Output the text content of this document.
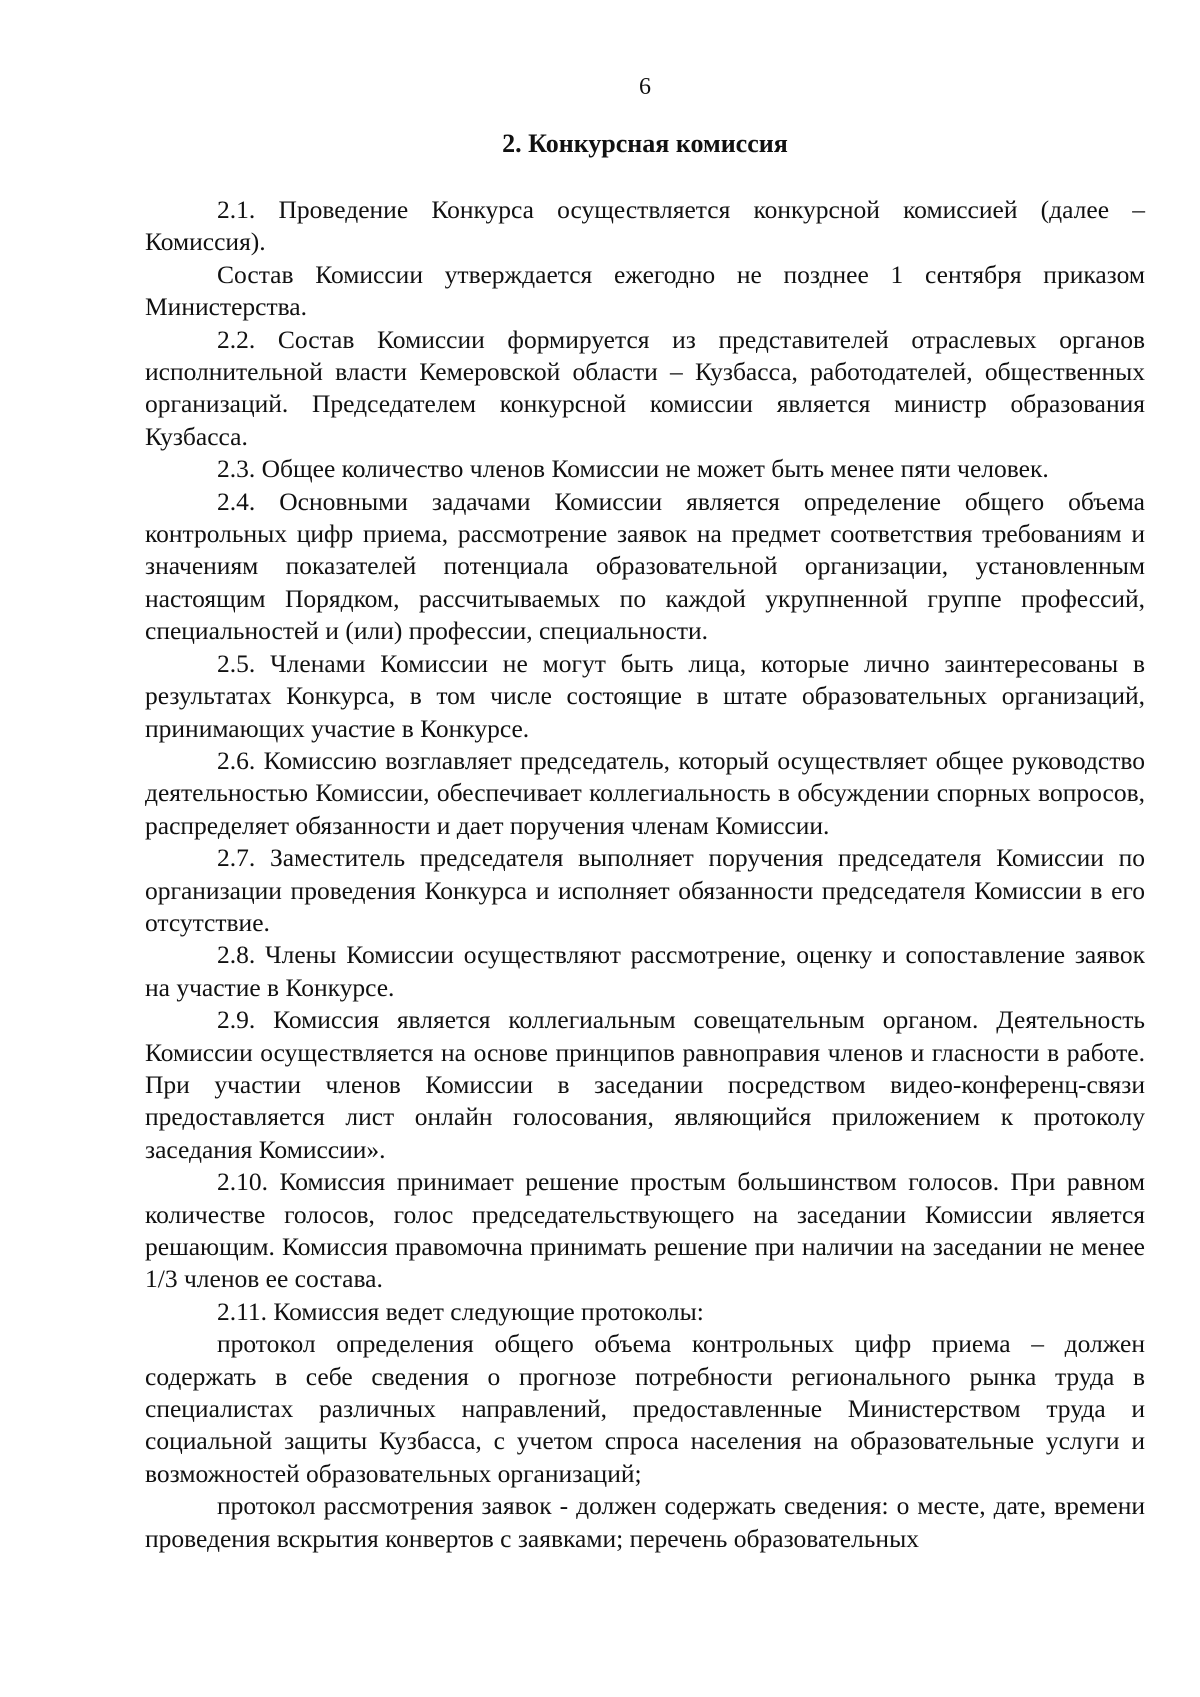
6
2. Конкурсная комиссия

2.1. Проведение Конкурса осуществляется конкурсной комиссией (далее – Комиссия).

Состав Комиссии утверждается ежегодно не позднее 1 сентября приказом Министерства.

2.2. Состав Комиссии формируется из представителей отраслевых органов исполнительной власти Кемеровской области – Кузбасса, работодателей, общественных организаций. Председателем конкурсной комиссии является министр образования Кузбасса.

2.3. Общее количество членов Комиссии не может быть менее пяти человек.

2.4. Основными задачами Комиссии является определение общего объема контрольных цифр приема, рассмотрение заявок на предмет соответствия требованиям и значениям показателей потенциала образовательной организации, установленным настоящим Порядком, рассчитываемых по каждой укрупненной группе профессий, специальностей и (или) профессии, специальности.

2.5. Членами Комиссии не могут быть лица, которые лично заинтересованы в результатах Конкурса, в том числе состоящие в штате образовательных организаций, принимающих участие в Конкурсе.

2.6. Комиссию возглавляет председатель, который осуществляет общее руководство деятельностью Комиссии, обеспечивает коллегиальность в обсуждении спорных вопросов, распределяет обязанности и дает поручения членам Комиссии.

2.7. Заместитель председателя выполняет поручения председателя Комиссии по организации проведения Конкурса и исполняет обязанности председателя Комиссии в его отсутствие.

2.8. Члены Комиссии осуществляют рассмотрение, оценку и сопоставление заявок на участие в Конкурсе.

2.9. Комиссия является коллегиальным совещательным органом. Деятельность Комиссии осуществляется на основе принципов равноправия членов и гласности в работе. При участии членов Комиссии в заседании посредством видео-конференц-связи предоставляется лист онлайн голосования, являющийся приложением к протоколу заседания Комиссии».

2.10. Комиссия принимает решение простым большинством голосов. При равном количестве голосов, голос председательствующего на заседании Комиссии является решающим. Комиссия правомочна принимать решение при наличии на заседании не менее 1/3 членов ее состава.

2.11. Комиссия ведет следующие протоколы:

протокол определения общего объема контрольных цифр приема – должен содержать в себе сведения о прогнозе потребности регионального рынка труда в специалистах различных направлений, предоставленные Министерством труда и социальной защиты Кузбасса, с учетом спроса населения на образовательные услуги и возможностей образовательных организаций;

протокол рассмотрения заявок - должен содержать сведения: о месте, дате, времени проведения вскрытия конвертов с заявками; перечень образовательных
